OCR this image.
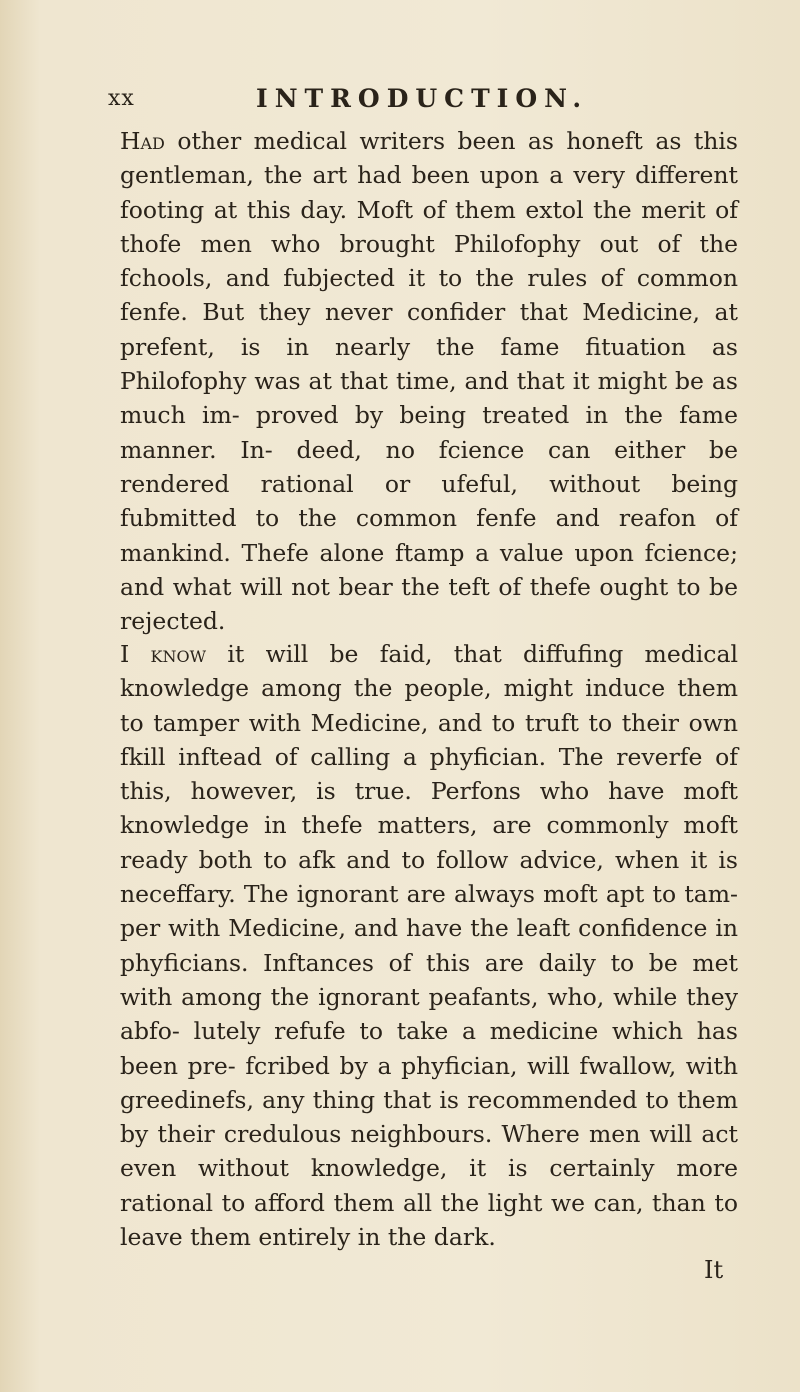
xx	INTRODUCTION.

Had other medical writers been as honeft as this gentleman, the art had been upon a very different footing at this day. Moft of them extol the merit of thofe men who brought Philofophy out of the fchools, and fubjected it to the rules of common fenfe. But they never confider that Medicine, at prefent, is in nearly the fame fituation as Philofophy was at that time, and that it might be as much im- proved by being treated in the fame manner. In- deed, no fcience can either be rendered rational or ufeful, without being fubmitted to the common fenfe and reafon of mankind. Thefe alone ftamp a value upon fcience; and what will not bear the teft of thefe ought to be rejected.

I know it will be faid, that diffufing medical knowledge among the people, might induce them to tamper with Medicine, and to truft to their own fkill inftead of calling a phyfician. The reverfe of this, however, is true. Perfons who have moft knowledge in thefe matters, are commonly moft ready both to afk and to follow advice, when it is neceffary. The ignorant are always moft apt to tam- per with Medicine, and have the leaft confidence in phyficians. Inftances of this are daily to be met with among the ignorant peafants, who, while they abfo- lutely refufe to take a medicine which has been pre- fcribed by a phyfician, will fwallow, with greedinefs, any thing that is recommended to them by their credulous neighbours. Where men will act even without knowledge, it is certainly more rational to afford them all the light we can, than to leave them entirely in the dark.

It
